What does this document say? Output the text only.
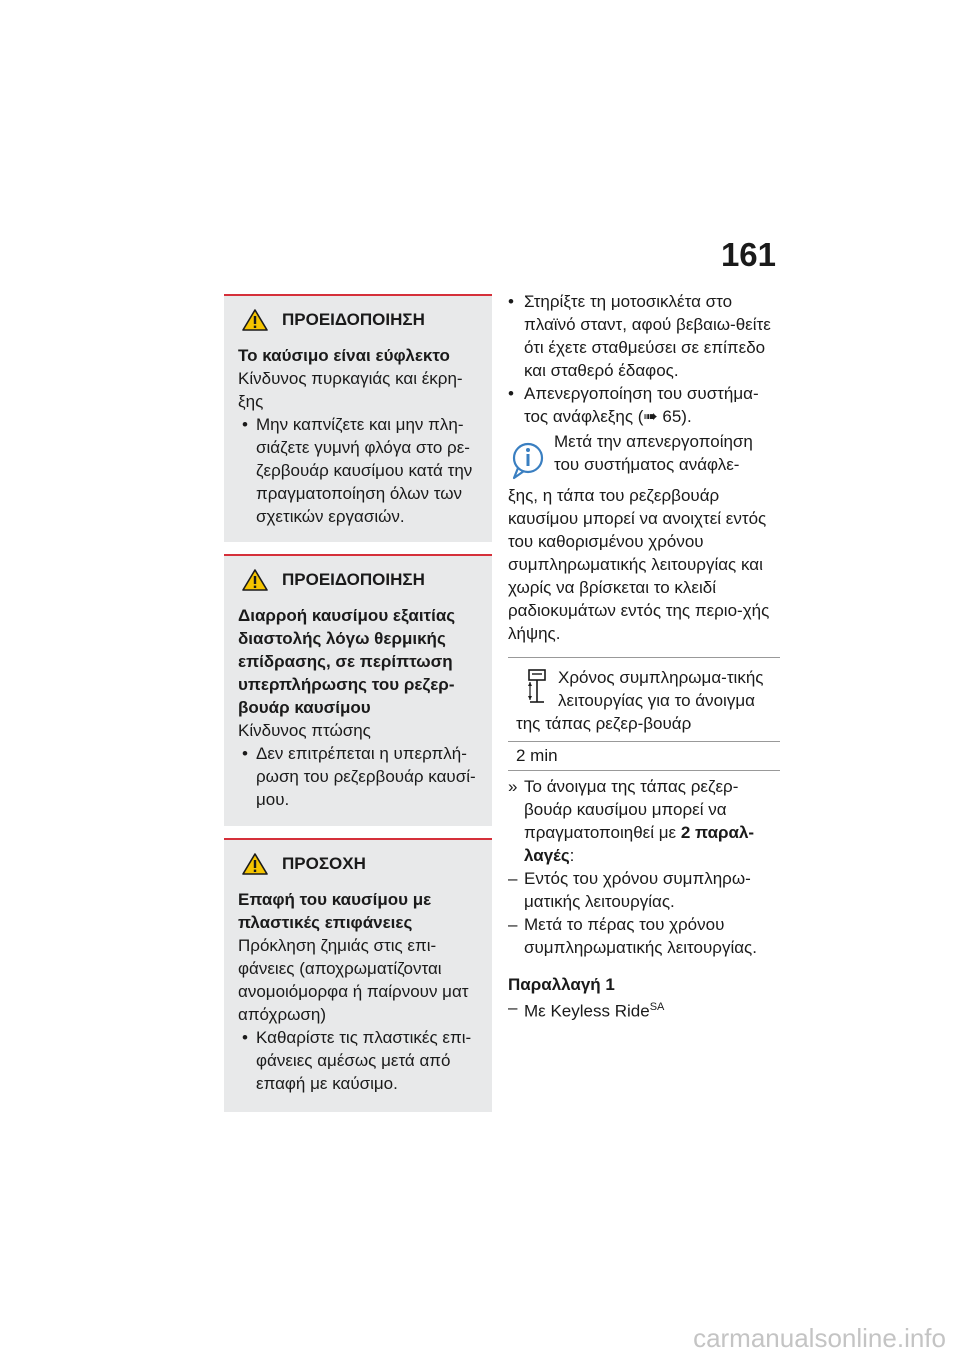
161
ΠΡΟΕΙΔΟΠΟΙΗΣΗ
Το καύσιμο είναι εύφλεκτο
Κίνδυνος πυρκαγιάς και έκρη-ξης
• Μην καπνίζετε και μην πλη-σιάζετε γυμνή φλόγα στο ρε-ζερβουάρ καυσίμου κατά την πραγματοποίηση όλων των σχετικών εργασιών.
ΠΡΟΕΙΔΟΠΟΙΗΣΗ
Διαρροή καυσίμου εξαιτίας διαστολής λόγω θερμικής επίδρασης, σε περίπτωση υπερπλήρωσης του ρεζερ-βουάρ καυσίμου
Κίνδυνος πτώσης
• Δεν επιτρέπεται η υπερπλή-ρωση του ρεζερβουάρ καυσί-μου.
ΠΡΟΣΟΧΗ
Επαφή του καυσίμου με πλαστικές επιφάνειες
Πρόκληση ζημιάς στις επι-φάνειες (αποχρωματίζονται ανομοιόμορφα ή παίρνουν ματ απόχρωση)
• Καθαρίστε τις πλαστικές επι-φάνειες αμέσως μετά από επαφή με καύσιμο.
• Στηρίξτε τη μοτοσικλέτα στο πλαϊνό σταντ, αφού βεβαιω-θείτε ότι έχετε σταθμεύσει σε επίπεδο και σταθερό έδαφος.
• Απενεργοποίηση του συστήμα-τος ανάφλεξης (➠ 65).
Μετά την απενεργοποίηση του συστήματος ανάφλε-
ξης, η τάπα του ρεζερβουάρ καυσίμου μπορεί να ανοιχτεί εντός του καθορισμένου χρόνου συμπληρωματικής λειτουργίας και χωρίς να βρίσκεται το κλειδί ραδιοκυμάτων εντός της περιο-χής λήψης.
Χρόνος συμπληρωμα-τικής λειτουργίας για το άνοιγμα της τάπας ρεζερ-βουάρ
2 min
» Το άνοιγμα της τάπας ρεζερ-βουάρ καυσίμου μπορεί να πραγματοποιηθεί με 2 παραλ-λαγές:
– Εντός του χρόνου συμπληρω-ματικής λειτουργίας.
– Μετά το πέρας του χρόνου συμπληρωματικής λειτουργίας.
Παραλλαγή 1
– Με Keyless Ride$^{SA}$
carmanualsonline.info
